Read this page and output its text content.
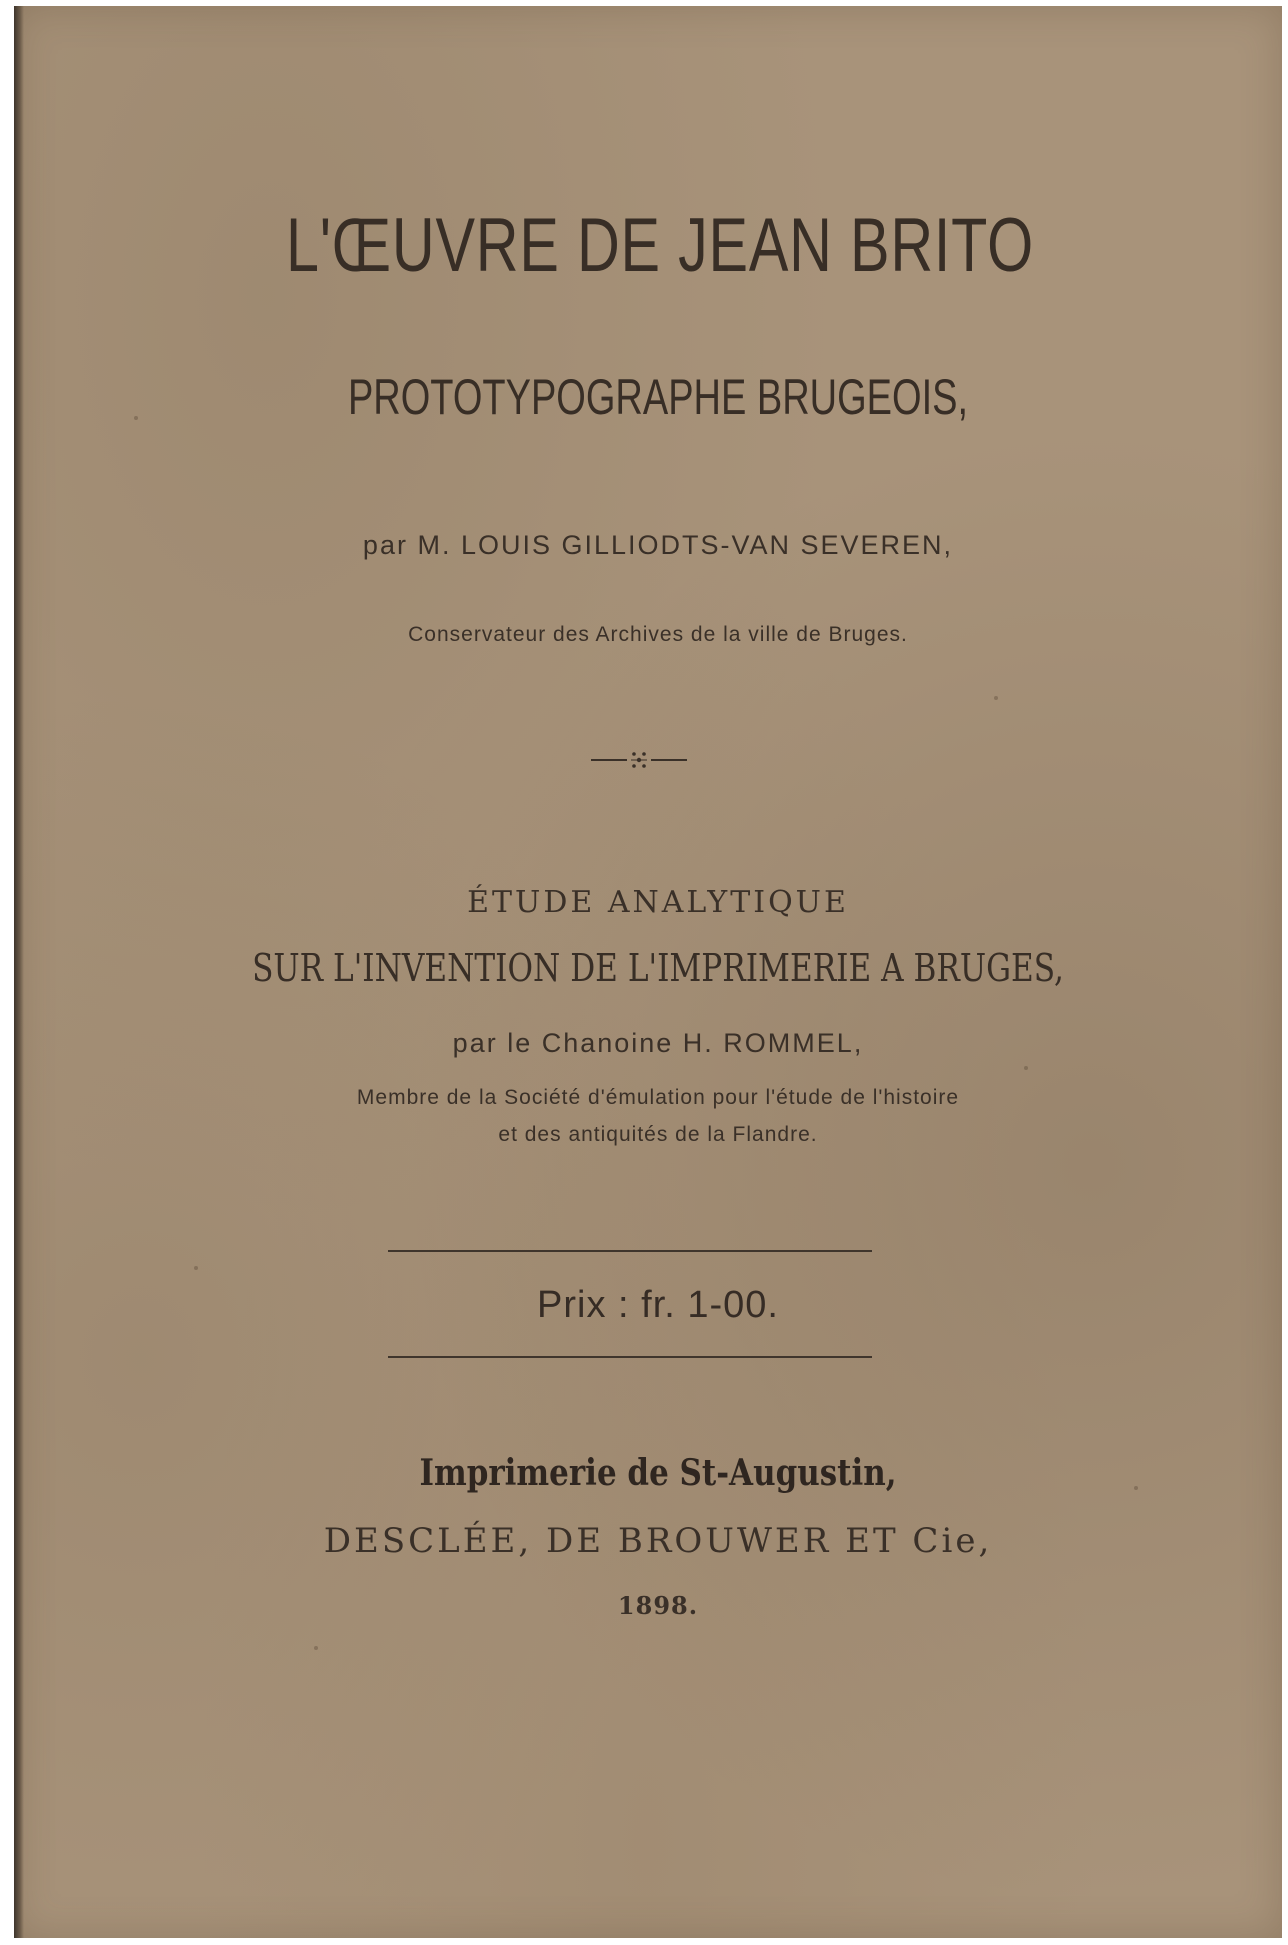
L'ŒUVRE DE JEAN BRITO
PROTOTYPOGRAPHE BRUGEOIS,
par M. LOUIS GILLIODTS-VAN SEVEREN,
Conservateur des Archives de la ville de Bruges.
ÉTUDE ANALYTIQUE
SUR L'INVENTION DE L'IMPRIMERIE A BRUGES,
par le Chanoine H. ROMMEL,
Membre de la Société d'émulation pour l'étude de l'histoire
et des antiquités de la Flandre.
Prix : fr. 1-00.
Imprimerie de St-Augustin,
DESCLÉE, DE BROUWER ET Cie,
1898.
